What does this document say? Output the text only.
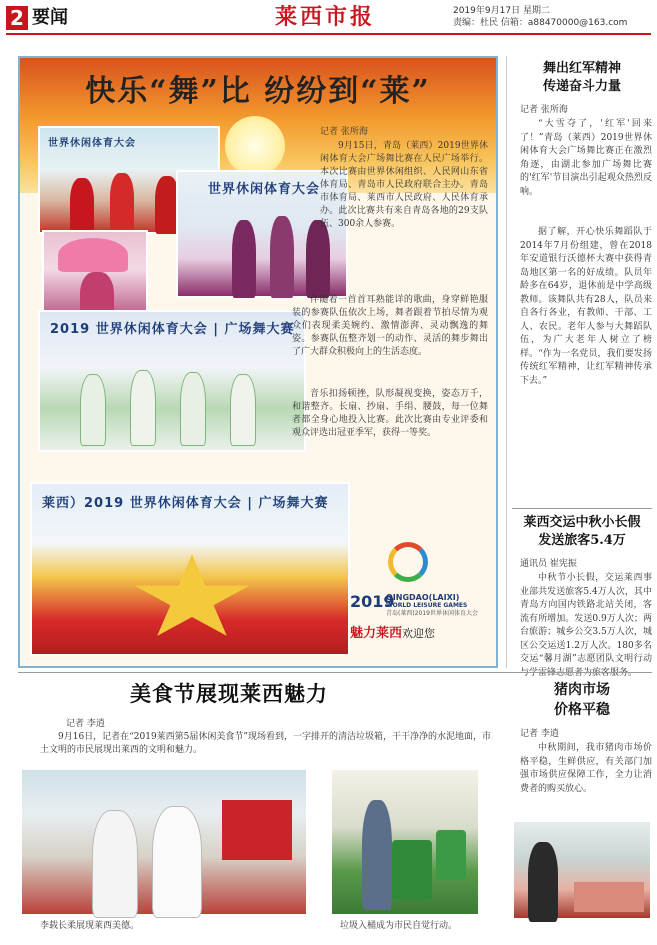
2 要闻	莱西市报	2019年9月17日 星期二
责编：杜民 信箱：a88470000@163.com
快乐“舞”比 纷纷到“莱”
世界休闲体育大会
世界休闲体育大会
2019 世界休闲体育大会 | 广场舞大赛
莱西）2019 世界休闲体育大会 | 广场舞大赛
记者 张所海
9月15日，青岛（莱西）2019世界休闲体育大会广场舞比赛在人民广场举行。本次比赛由世界休闲组织、人民网山东省体育局、青岛市人民政府联合主办。青岛市体育局、莱西市人民政府、人民体育承办。此次比赛共有来自青岛各地的29支队伍、300余人参赛。
伴随着一首首耳熟能详的歌曲，身穿鲜艳服装的参赛队伍依次上场，舞者跟着节拍尽情为观众们表现柔美婉约、激情澎湃、灵动飘逸的舞姿。参赛队伍整齐划一的动作、灵活的舞步舞出了广大群众积极向上的生活态度。
音乐扣扬顿挫，队形凝视变换，姿态万千，和谐整齐。长扇、抄扇、手绢、腰鼓，每一位舞者都全身心地投入比赛。此次比赛由专业评委和观众评选出冠亚季军，获得一等奖。
2019
QINGDAO(LAIXI)
WORLD LEISURE GAMES
青岛(莱西)2019世界休闲体育大会
魅力莱西欢迎您
舞出红军精神
传递奋斗力量
记者 张所海
“大雪夺了，'红军'回来了！”青岛（莱西）2019世界休闲体育大会广场舞比赛正在激烈角逐，由湖北参加广场舞比赛的'红军'节目演出引起观众热烈反响。
据了解，开心快乐舞蹈队于2014年7月份组建，曾在2018年安道银行沃德杯大赛中获得青岛地区第一名的好成绩。队员年龄多在64岁，退休前是中学高级教师。该舞队共有28人，队员来自各行各业，有教师、干部、工人、农民。老年人参与大舞蹈队伍，为广大老年人树立了榜样。“作为一名党员，我们要发扬传统红军精神，让红军精神传承下去。”
莱西交运中秋小长假
发送旅客5.4万
通讯员 崔宪振
中秋节小长假，交运莱西事业部共发送旅客5.4万人次，其中青岛方向国内铁路北站关闭，客流有所增加。发送0.9万人次；两台旅游；城乡公交3.5万人次，城区公交运送1.2万人次。180多名交运“馨月湖”志愿团队文明行动
美食节展现莱西魅力
记者 李逍
9月16日，记者在“2019莱西第5届休闲美食节”现场看到，一字排开的清洁垃圾箱，干干净净的水泥地面，市土文明的市民展现出莱西的文明和魅力。
李载长柔展现莱西美德。	垃圾入桶成为市民自觉行动。
猪肉市场
价格平稳
记者 李逍
中秋期间，我市猪肉市场价格平稳，生鲜供应，有关部门加强市场供应保障工作，全力让消费者的购买放心。
